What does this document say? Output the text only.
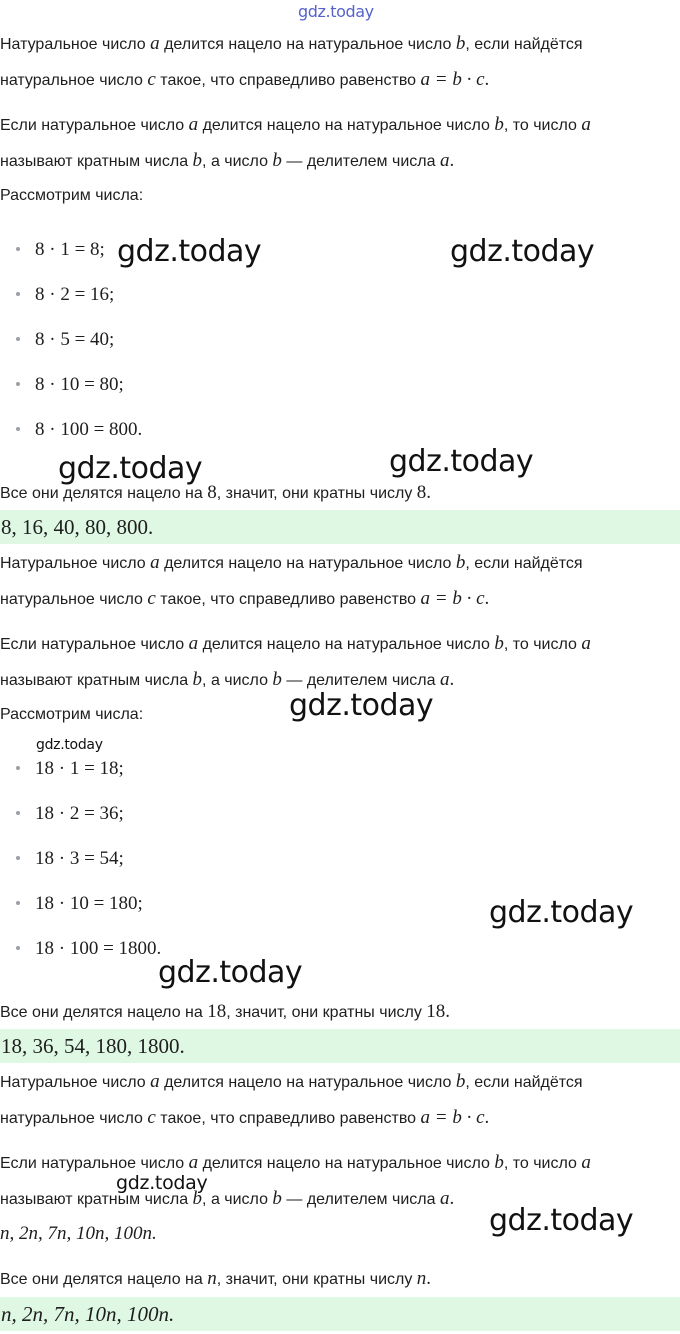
gdz.today
Натуральное число a делится нацело на натуральное число b, если найдётся
натуральное число c такое, что справедливо равенство a = b · c.
Если натуральное число a делится нацело на натуральное число b, то число a
называют кратным числа b, а число b — делителем числа a.
Рассмотрим числа:
8 · 1 = 8;
8 · 2 = 16;
8 · 5 = 40;
8 · 10 = 80;
8 · 100 = 800.
Все они делятся нацело на 8, значит, они кратны числу 8.
8, 16, 40, 80, 800.
Натуральное число a делится нацело на натуральное число b, если найдётся
натуральное число c такое, что справедливо равенство a = b · c.
Если натуральное число a делится нацело на натуральное число b, то число a
называют кратным числа b, а число b — делителем числа a.
Рассмотрим числа:
18 · 1 = 18;
18 · 2 = 36;
18 · 3 = 54;
18 · 10 = 180;
18 · 100 = 1800.
Все они делятся нацело на 18, значит, они кратны числу 18.
18, 36, 54, 180, 1800.
Натуральное число a делится нацело на натуральное число b, если найдётся
натуральное число c такое, что справедливо равенство a = b · c.
Если натуральное число a делится нацело на натуральное число b, то число a
называют кратным числа b, а число b — делителем числа a.
n, 2n, 7n, 10n, 100n.
Все они делятся нацело на n, значит, они кратны числу n.
n, 2n, 7n, 10n, 100n.
gdz.today	gdz.today
gdz.today	gdz.today
gdz.today
gdz.today
gdz.today
gdz.today
gdz.today
gdz.today
